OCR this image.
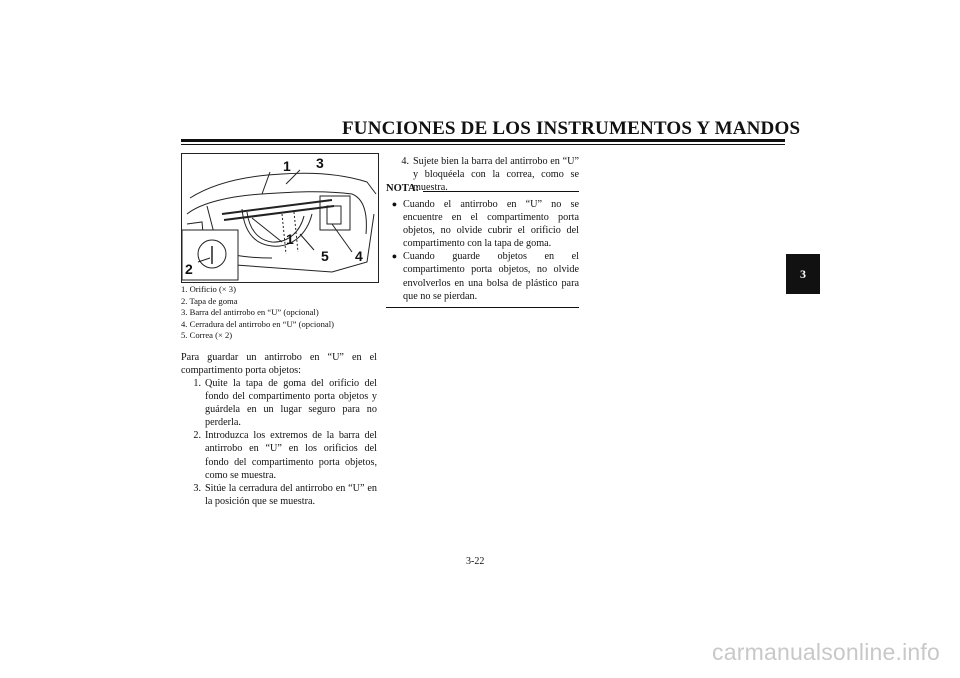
FUNCIONES DE LOS INSTRUMENTOS Y MANDOS
3
1 3
1
2
5 4
1. Orificio (× 3)
2. Tapa de goma
3. Barra del antirrobo en “U” (opcional)
4. Cerradura del antirrobo en “U” (opcional)
5. Correa (× 2)
Para guardar un antirrobo en “U” en el compartimento porta objetos:
1. Quite la tapa de goma del orificio del fondo del compartimento porta objetos y guárdela en un lugar seguro para no perderla.
2. Introduzca los extremos de la barra del antirrobo en “U” en los orificios del fondo del compartimento porta objetos, como se muestra.
3. Sitúe la cerradura del antirrobo en “U” en la posición que se muestra.
4. Sujete bien la barra del antirrobo en “U” y bloquéela con la correa, como se muestra.
NOTA:
● Cuando el antirrobo en “U” no se encuentre en el compartimento porta objetos, no olvide cubrir el orificio del compartimento con la tapa de goma.
● Cuando guarde objetos en el compartimento porta objetos, no olvide envolverlos en una bolsa de plástico para que no se pierdan.
3-22
carmanualsonline.info
